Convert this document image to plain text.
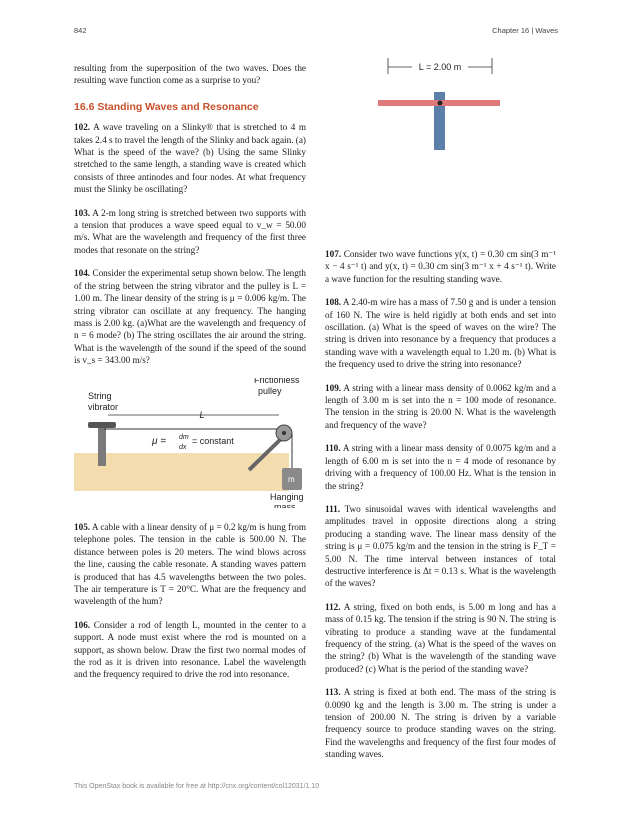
842	Chapter 16 | Waves

resulting from the superposition of the two waves. Does the resulting wave function come as a surprise to you?

16.6 Standing Waves and Resonance

102. A wave traveling on a Slinky® that is stretched to 4 m takes 2.4 s to travel the length of the Slinky and back again. (a) What is the speed of the wave? (b) Using the same Slinky stretched to the same length, a standing wave is created which consists of three antinodes and four nodes. At what frequency must the Slinky be oscillating?

103. A 2-m long string is stretched between two supports with a tension that produces a wave speed equal to v_w = 50.00 m/s. What are the wavelength and frequency of the first three modes that resonate on the string?

104. Consider the experimental setup shown below. The length of the string between the string vibrator and the pulley is L = 1.00 m. The linear density of the string is μ = 0.006 kg/m. The string vibrator can oscillate at any frequency. The hanging mass is 2.00 kg. (a)What are the wavelength and frequency of n = 6 mode? (b) The string oscillates the air around the string. What is the wavelength of the sound if the speed of the sound is v_s = 343.00 m/s?

L
String
vibrator
Frictionless
pulley
μ = dm
dx
= constant
m
Hanging
mass

105. A cable with a linear density of μ = 0.2 kg/m is hung from telephone poles. The tension in the cable is 500.00 N. The distance between poles is 20 meters. The wind blows across the line, causing the cable resonate. A standing waves pattern is produced that has 4.5 wavelengths between the two poles. The air temperature is T = 20°C. What are the frequency and wavelength of the hum?

106. Consider a rod of length L, mounted in the center to a support. A node must exist where the rod is mounted on a support, as shown below. Draw the first two normal modes of the rod as it is driven into resonance. Label the wavelength and the frequency required to drive the rod into resonance.

L = 2.00 m

107. Consider two wave functions y(x, t) = 0.30 cm sin(3 m⁻¹ x − 4 s⁻¹ t) and y(x, t) = 0.30 cm sin(3 m⁻¹ x + 4 s⁻¹ t). Write a wave function for the resulting standing wave.

108. A 2.40-m wire has a mass of 7.50 g and is under a tension of 160 N. The wire is held rigidly at both ends and set into oscillation. (a) What is the speed of waves on the wire? The string is driven into resonance by a frequency that produces a standing wave with a wavelength equal to 1.20 m. (b) What is the frequency used to drive the string into resonance?

109. A string with a linear mass density of 0.0062 kg/m and a length of 3.00 m is set into the n = 100 mode of resonance. The tension in the string is 20.00 N. What is the wavelength and frequency of the wave?

110. A string with a linear mass density of 0.0075 kg/m and a length of 6.00 m is set into the n = 4 mode of resonance by driving with a frequency of 100.00 Hz. What is the tension in the string?

111. Two sinusoidal waves with identical wavelengths and amplitudes travel in opposite directions along a string producing a standing wave. The linear mass density of the string is μ = 0.075 kg/m and the tension in the string is F_T = 5.00 N. The time interval between instances of total destructive interference is Δt = 0.13 s. What is the wavelength of the waves?

112. A string, fixed on both ends, is 5.00 m long and has a mass of 0.15 kg. The tension if the string is 90 N. The string is vibrating to produce a standing wave at the fundamental frequency of the string. (a) What is the speed of the waves on the string? (b) What is the wavelength of the standing wave produced? (c) What is the period of the standing wave?

113. A string is fixed at both end. The mass of the string is 0.0090 kg and the length is 3.00 m. The string is under a tension of 200.00 N. The string is driven by a variable frequency source to produce standing waves on the string. Find the wavelengths and frequency of the first four modes of standing waves.

This OpenStax book is available for free at http://cnx.org/content/col12031/1.10
